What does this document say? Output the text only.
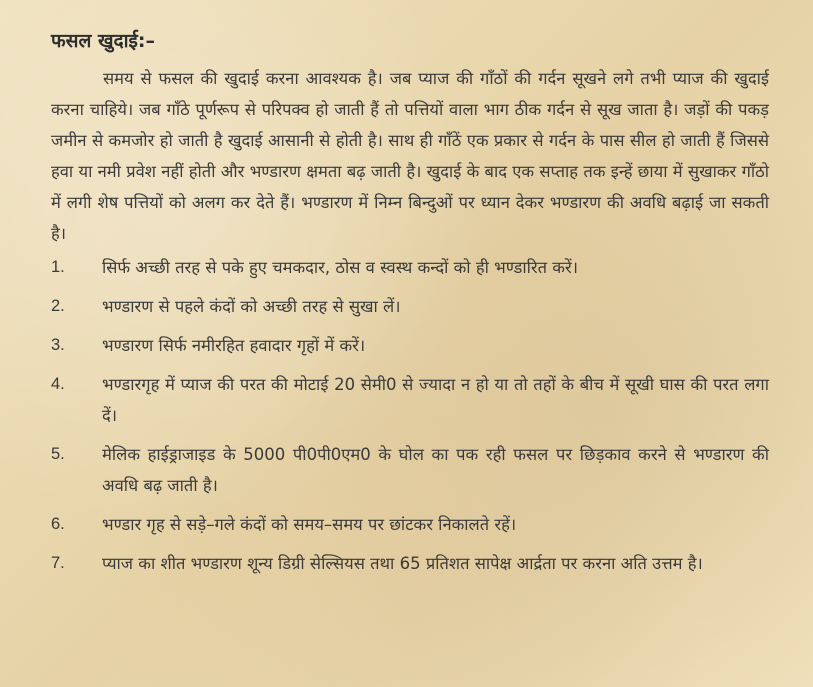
फसल खुदाई:–

समय से फसल की खुदाई करना आवश्यक है। जब प्याज की गाँठों की गर्दन सूखने लगे तभी प्याज की खुदाई करना चाहिये। जब गाँठे पूर्णरूप से परिपक्व हो जाती हैं तो पत्तियों वाला भाग ठीक गर्दन से सूख जाता है। जड़ों की पकड़ जमीन से कमजोर हो जाती है खुदाई आसानी से होती है। साथ ही गाँठें एक प्रकार से गर्दन के पास सील हो जाती हैं जिससे हवा या नमी प्रवेश नहीं होती और भण्डारण क्षमता बढ़ जाती है। खुदाई के बाद एक सप्ताह तक इन्हें छाया में सुखाकर गाँठो में लगी शेष पत्तियों को अलग कर देते हैं। भण्डारण में निम्न बिन्दुओं पर ध्यान देकर भण्डारण की अवधि बढ़ाई जा सकती है।

1.	सिर्फ अच्छी तरह से पके हुए चमकदार, ठोस व स्वस्थ कन्दों को ही भण्डारित करें।
2.	भण्डारण से पहले कंदों को अच्छी तरह से सुखा लें।
3.	भण्डारण सिर्फ नमीरहित हवादार गृहों में करें।
4.	भण्डारगृह में प्याज की परत की मोटाई 20 सेमी0 से ज्यादा न हो या तो तहों के बीच में सूखी घास की परत लगा दें।
5.	मेलिक हाईड्राजाइड के 5000 पी0पी0एम0 के घोल का पक रही फसल पर छिड़काव करने से भण्डारण की अवधि बढ़ जाती है।
6.	भण्डार गृह से सड़े–गले कंदों को समय–समय पर छांटकर निकालते रहें।
7.	प्याज का शीत भण्डारण शून्य डिग्री सेल्सियस तथा 65 प्रतिशत सापेक्ष आर्द्रता पर करना अति उत्तम है।
